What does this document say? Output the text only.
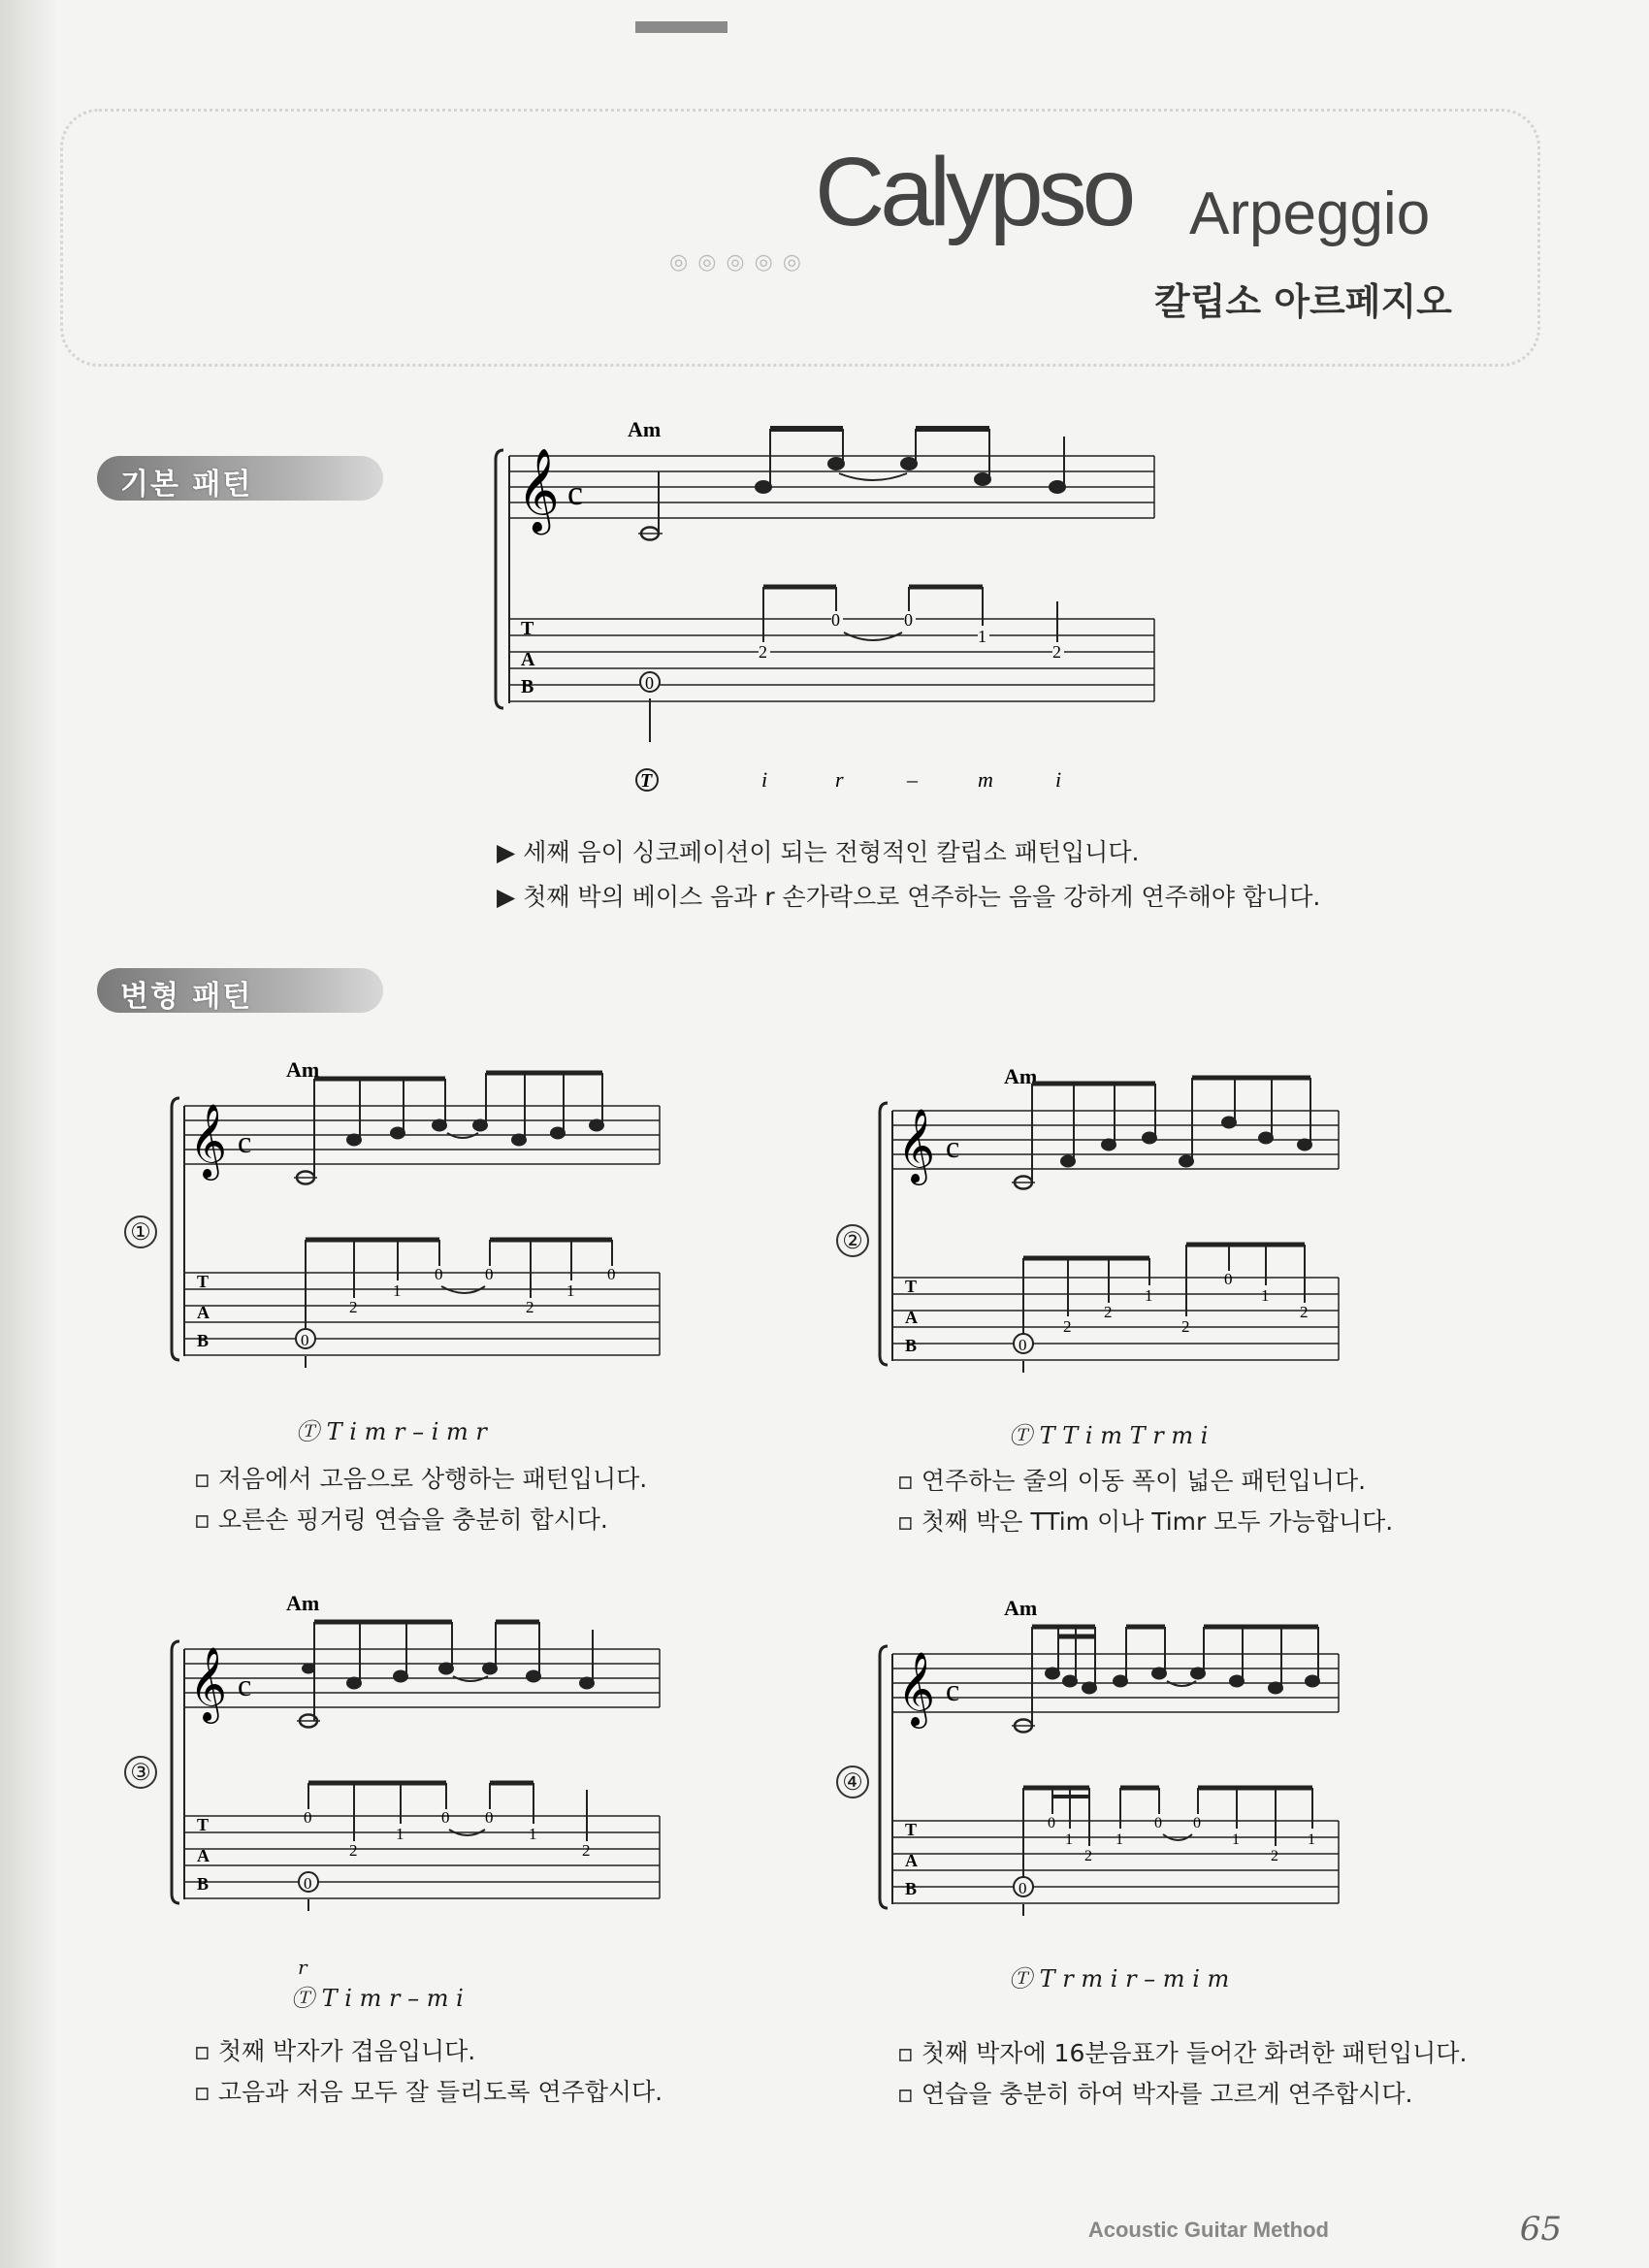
◎◎◎◎◎
Calypso Arpeggio
칼립소 아르페지오
기본 패턴
변형 패턴
𝄞 c
Am
T
A
B	0
2
0	0
1
2
T	i	r	–	m	i
▶ 세째 음이 싱코페이션이 되는 전형적인 칼립소 패턴입니다.
▶ 첫째 박의 베이스 음과 r 손가락으로 연주하는 음을 강하게 연주해야 합니다.
𝄞 c
Am
T
A
B	0
2
1
0	0
2
1
0
①
Ⓣ T i m r – i m r
▫ 저음에서 고음으로 상행하는 패턴입니다.
▫ 오른손 핑거링 연습을 충분히 합시다.
𝄞 c
Am
T
A
B	0
2
2
1
2
0
1
2
②
Ⓣ T T i m T r m i
▫ 연주하는 줄의 이동 폭이 넓은 패턴입니다.
▫ 첫째 박은 TTim 이나 Timr 모두 가능합니다.
𝄞 c
Am
T
A
B	0
0
2
1
0 0
1
2
③
r
Ⓣ T i m r – m i
▫ 첫째 박자가 겹음입니다.
▫ 고음과 저음 모두 잘 들리도록 연주합시다.
𝄞 c
Am
T
A
B	0
0
1
2
1
0 0
1
2
1
④
Ⓣ T r m i r – m i m
▫ 첫째 박자에 16분음표가 들어간 화려한 패턴입니다.
▫ 연습을 충분히 하여 박자를 고르게 연주합시다.
Acoustic Guitar Method	65
